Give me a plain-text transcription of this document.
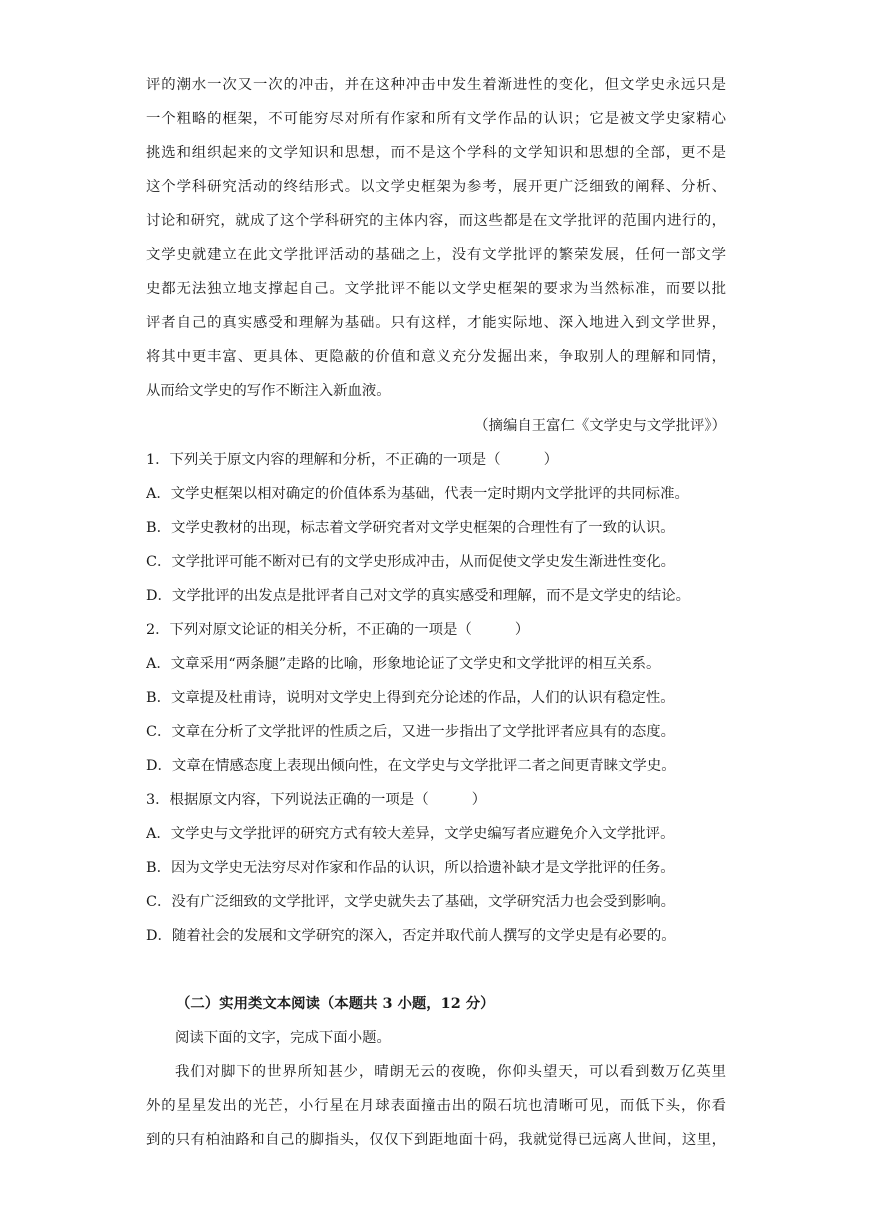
评的潮水一次又一次的冲击，并在这种冲击中发生着渐进性的变化，但文学史永远只是
一个粗略的框架，不可能穷尽对所有作家和所有文学作品的认识；它是被文学史家精心
挑选和组织起来的文学知识和思想，而不是这个学科的文学知识和思想的全部，更不是
这个学科研究活动的终结形式。以文学史框架为参考，展开更广泛细致的阐释、分析、
讨论和研究，就成了这个学科研究的主体内容，而这些都是在文学批评的范围内进行的，
文学史就建立在此文学批评活动的基础之上，没有文学批评的繁荣发展，任何一部文学
史都无法独立地支撑起自己。文学批评不能以文学史框架的要求为当然标准，而要以批
评者自己的真实感受和理解为基础。只有这样，才能实际地、深入地进入到文学世界，
将其中更丰富、更具体、更隐蔽的价值和意义充分发掘出来，争取别人的理解和同情，
从而给文学史的写作不断注入新血液。
（摘编自王富仁《文学史与文学批评》）
1．下列关于原文内容的理解和分析，不正确的一项是（　　　）
A．文学史框架以相对确定的价值体系为基础，代表一定时期内文学批评的共同标准。
B．文学史教材的出现，标志着文学研究者对文学史框架的合理性有了一致的认识。
C．文学批评可能不断对已有的文学史形成冲击，从而促使文学史发生渐进性变化。
D．文学批评的出发点是批评者自己对文学的真实感受和理解，而不是文学史的结论。
2．下列对原文论证的相关分析，不正确的一项是（　　　）
A．文章采用“两条腿”走路的比喻，形象地论证了文学史和文学批评的相互关系。
B．文章提及杜甫诗，说明对文学史上得到充分论述的作品，人们的认识有稳定性。
C．文章在分析了文学批评的性质之后，又进一步指出了文学批评者应具有的态度。
D．文章在情感态度上表现出倾向性，在文学史与文学批评二者之间更青睐文学史。
3．根据原文内容，下列说法正确的一项是（　　　）
A．文学史与文学批评的研究方式有较大差异，文学史编写者应避免介入文学批评。
B．因为文学史无法穷尽对作家和作品的认识，所以拾遗补缺才是文学批评的任务。
C．没有广泛细致的文学批评，文学史就失去了基础，文学研究活力也会受到影响。
D．随着社会的发展和文学研究的深入，否定并取代前人撰写的文学史是有必要的。
（二）实用类文本阅读（本题共 3 小题，12 分）
阅读下面的文字，完成下面小题。
我们对脚下的世界所知甚少，晴朗无云的夜晚，你仰头望天，可以看到数万亿英里
外的星星发出的光芒，小行星在月球表面撞击出的陨石坑也清晰可见，而低下头，你看
到的只有柏油路和自己的脚指头，仅仅下到距地面十码，我就觉得已远离人世间，这里，
